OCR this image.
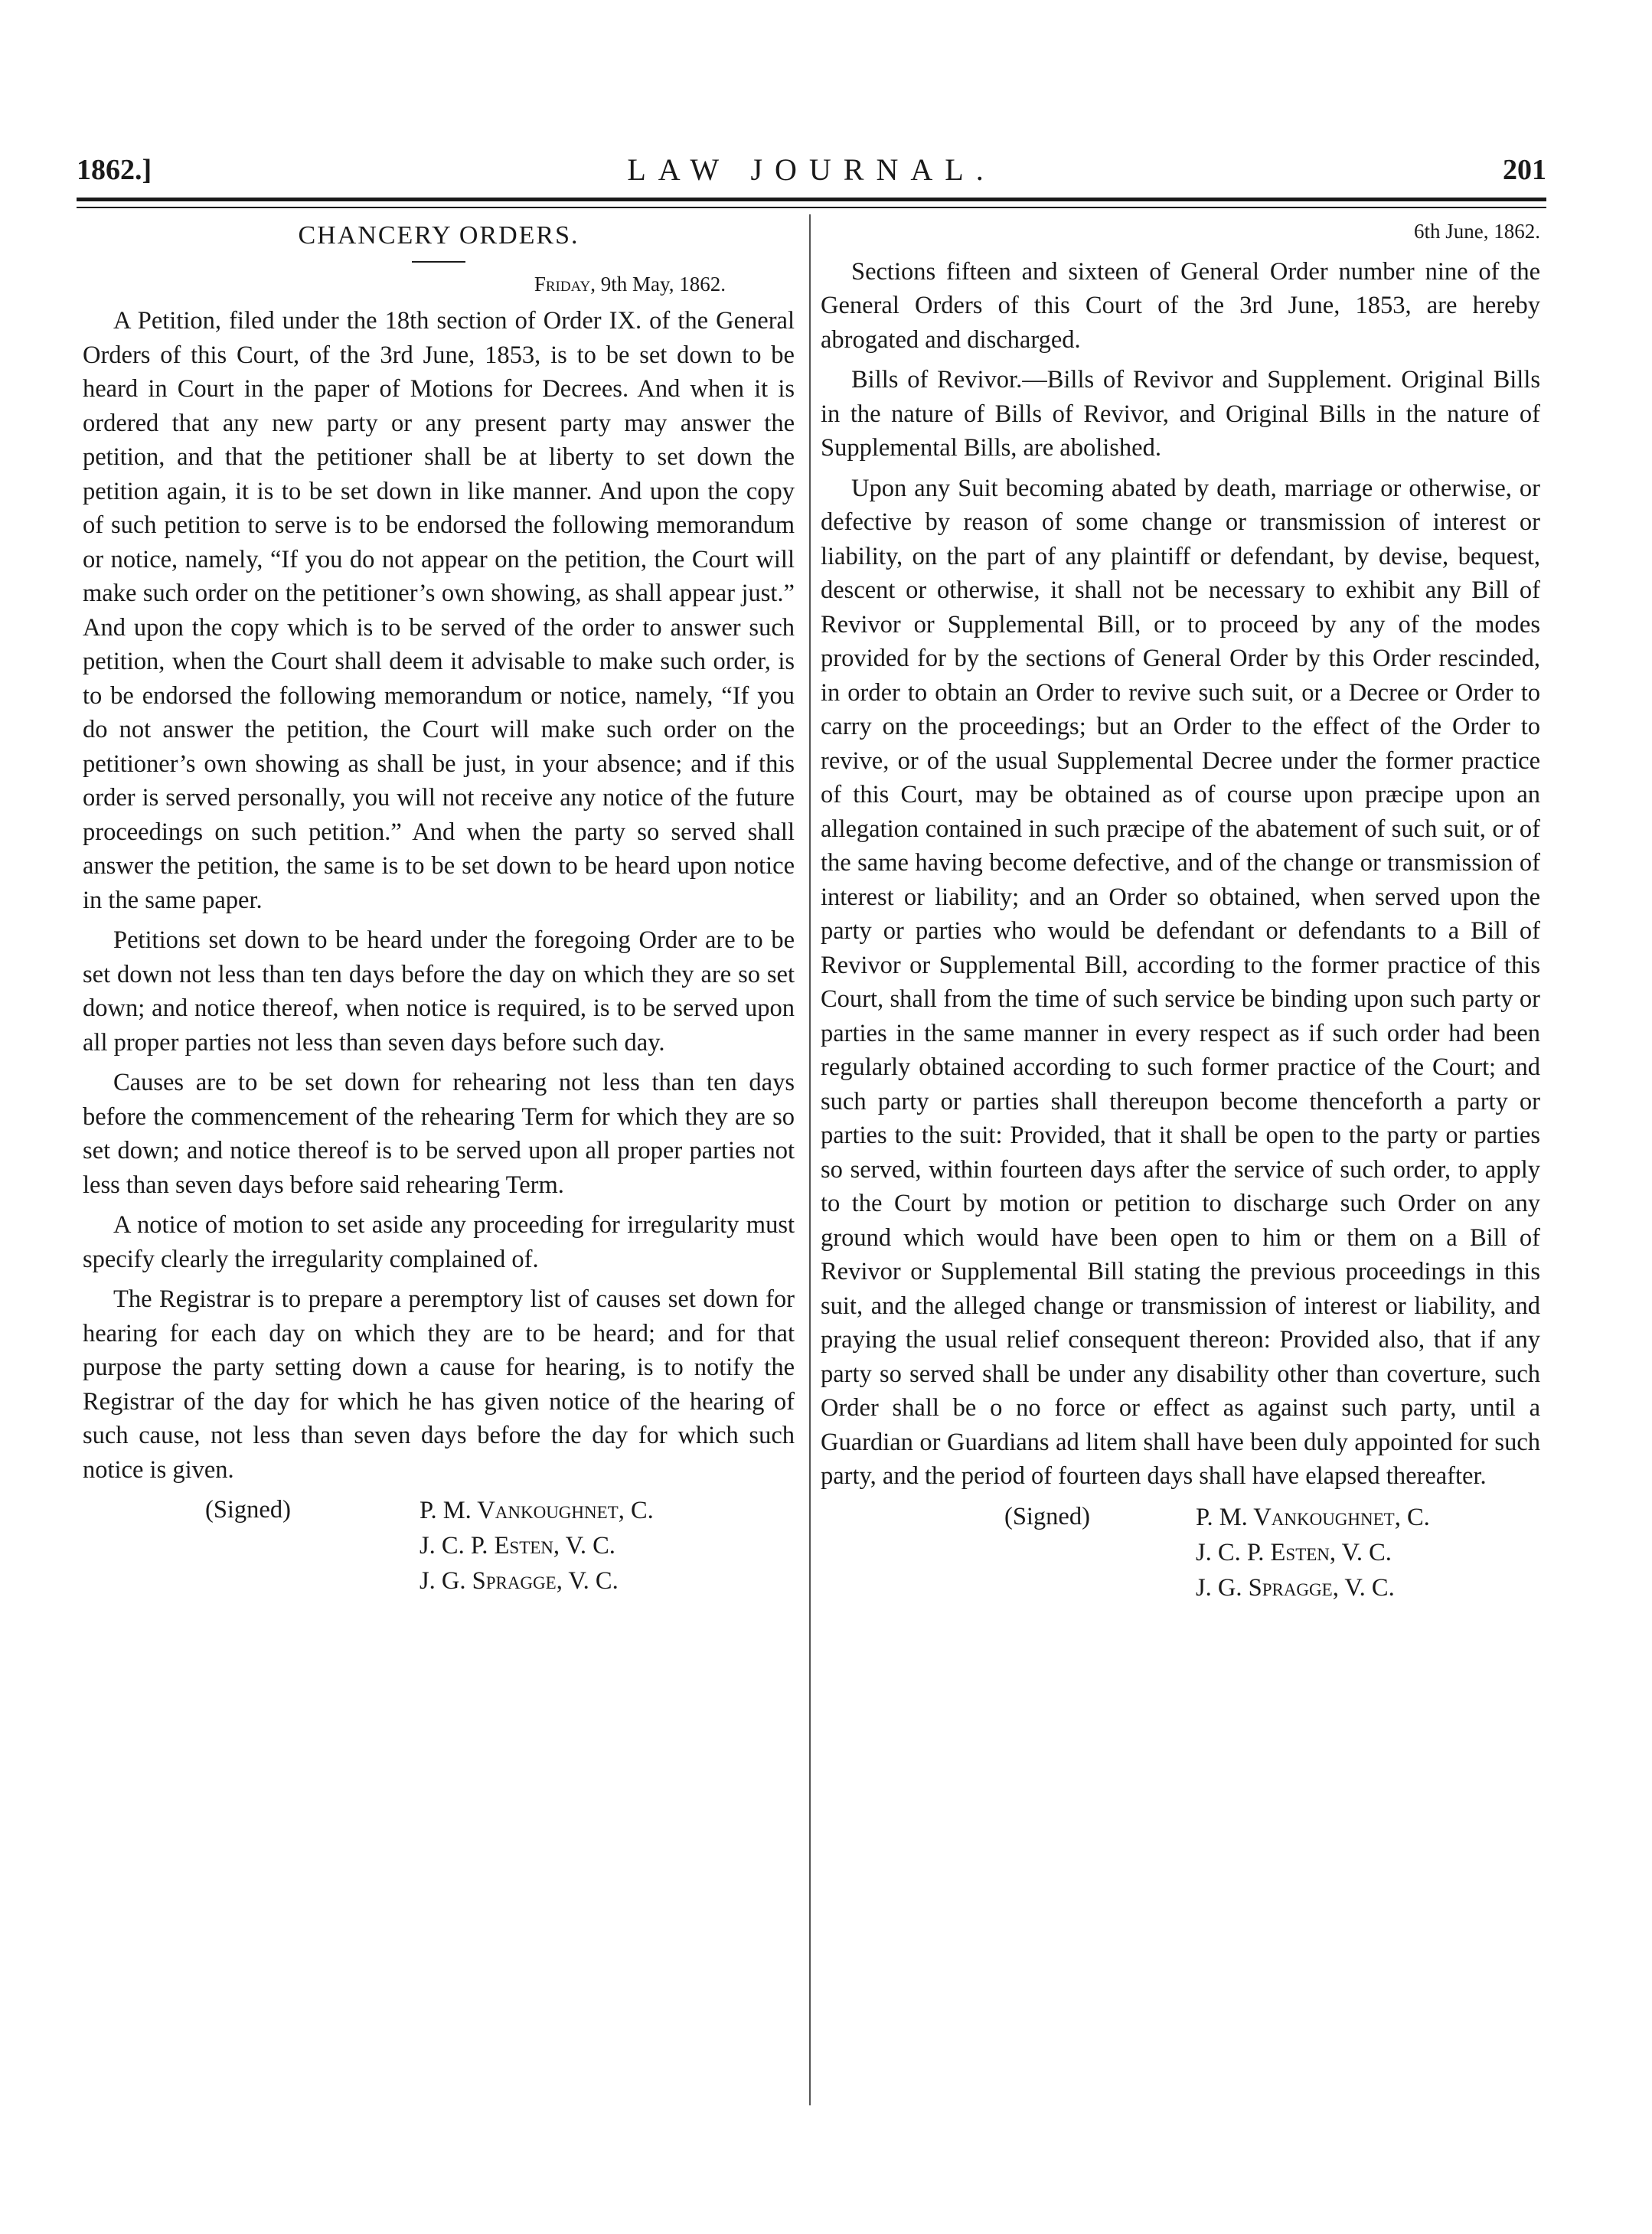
1862.]	LAW JOURNAL.	201
CHANCERY ORDERS.
Friday, 9th May, 1862.

A Petition, filed under the 18th section of Order IX. of the General Orders of this Court, of the 3rd June, 1853, is to be set down to be heard in Court in the paper of Motions for Decrees. And when it is ordered that any new party or any present party may answer the petition, and that the petitioner shall be at liberty to set down the petition again, it is to be set down in like manner. And upon the copy of such petition to serve is to be endorsed the following memorandum or notice, namely, “If you do not appear on the petition, the Court will make such order on the petitioner’s own showing, as shall appear just.” And upon the copy which is to be served of the order to answer such petition, when the Court shall deem it advisable to make such order, is to be endorsed the following memorandum or notice, namely, “If you do not answer the petition, the Court will make such order on the petitioner’s own showing as shall be just, in your absence; and if this order is served personally, you will not receive any notice of the future proceedings on such petition.” And when the party so served shall answer the petition, the same is to be set down to be heard upon notice in the same paper.

Petitions set down to be heard under the foregoing Order are to be set down not less than ten days before the day on which they are so set down; and notice thereof, when notice is required, is to be served upon all proper parties not less than seven days before such day.

Causes are to be set down for rehearing not less than ten days before the commencement of the rehearing Term for which they are so set down; and notice thereof is to be served upon all proper parties not less than seven days before said rehearing Term.

A notice of motion to set aside any proceeding for irregularity must specify clearly the irregularity complained of.

The Registrar is to prepare a peremptory list of causes set down for hearing for each day on which they are to be heard; and for that purpose the party setting down a cause for hearing, is to notify the Registrar of the day for which he has given notice of the hearing of such cause, not less than seven days before the day for which such notice is given.

(Signed)	P. M. Vankoughnet, C.
J. C. P. Esten, V. C.
J. G. Spragge, V. C.
6th June, 1862.

Sections fifteen and sixteen of General Order number nine of the General Orders of this Court of the 3rd June, 1853, are hereby abrogated and discharged.

Bills of Revivor.—Bills of Revivor and Supplement. Original Bills in the nature of Bills of Revivor, and Original Bills in the nature of Supplemental Bills, are abolished.

Upon any Suit becoming abated by death, marriage or otherwise, or defective by reason of some change or transmission of interest or liability, on the part of any plaintiff or defendant, by devise, bequest, descent or otherwise, it shall not be necessary to exhibit any Bill of Revivor or Supplemental Bill, or to proceed by any of the modes provided for by the sections of General Order by this Order rescinded, in order to obtain an Order to revive such suit, or a Decree or Order to carry on the proceedings; but an Order to the effect of the Order to revive, or of the usual Supplemental Decree under the former practice of this Court, may be obtained as of course upon præcipe upon an allegation contained in such præcipe of the abatement of such suit, or of the same having become defective, and of the change or transmission of interest or liability; and an Order so obtained, when served upon the party or parties who would be defendant or defendants to a Bill of Revivor or Supplemental Bill, according to the former practice of this Court, shall from the time of such service be binding upon such party or parties in the same manner in every respect as if such order had been regularly obtained according to such former practice of the Court; and such party or parties shall thereupon become thenceforth a party or parties to the suit: Provided, that it shall be open to the party or parties so served, within fourteen days after the service of such order, to apply to the Court by motion or petition to discharge such Order on any ground which would have been open to him or them on a Bill of Revivor or Supplemental Bill stating the previous proceedings in this suit, and the alleged change or transmission of interest or liability, and praying the usual relief consequent thereon: Provided also, that if any party so served shall be under any disability other than coverture, such Order shall be o no force or effect as against such party, until a Guardian or Guardians ad litem shall have been duly appointed for such party, and the period of fourteen days shall have elapsed thereafter.

(Signed)	P. M. Vankoughnet, C.
J. C. P. Esten, V. C.
J. G. Spragge, V. C.
